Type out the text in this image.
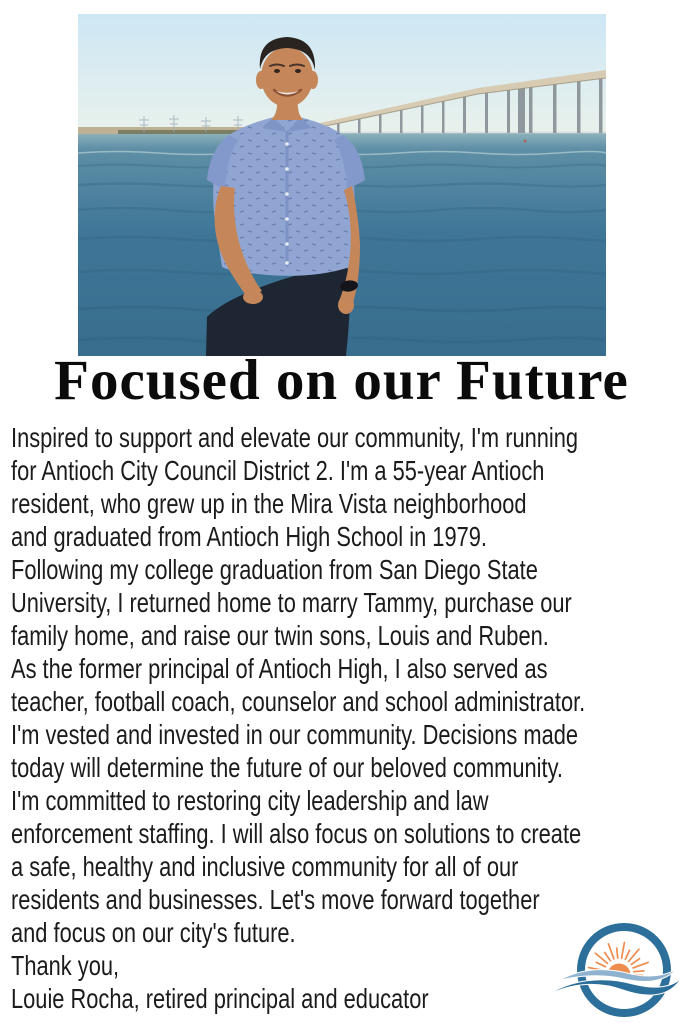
Focused on our Future
Inspired to support and elevate our community, I'm running
for Antioch City Council District 2. I'm a 55-year Antioch
resident, who grew up in the Mira Vista neighborhood
and graduated from Antioch High School in 1979.
Following my college graduation from San Diego State
University, I returned home to marry Tammy, purchase our
family home, and raise our twin sons, Louis and Ruben.
As the former principal of Antioch High, I also served as
teacher, football coach, counselor and school administrator.
I'm vested and invested in our community. Decisions made
today will determine the future of our beloved community.
I'm committed to restoring city leadership and law
enforcement staffing. I will also focus on solutions to create
a safe, healthy and inclusive community for all of our
residents and businesses. Let's move forward together
and focus on our city's future.
Thank you,
Louie Rocha, retired principal and educator
